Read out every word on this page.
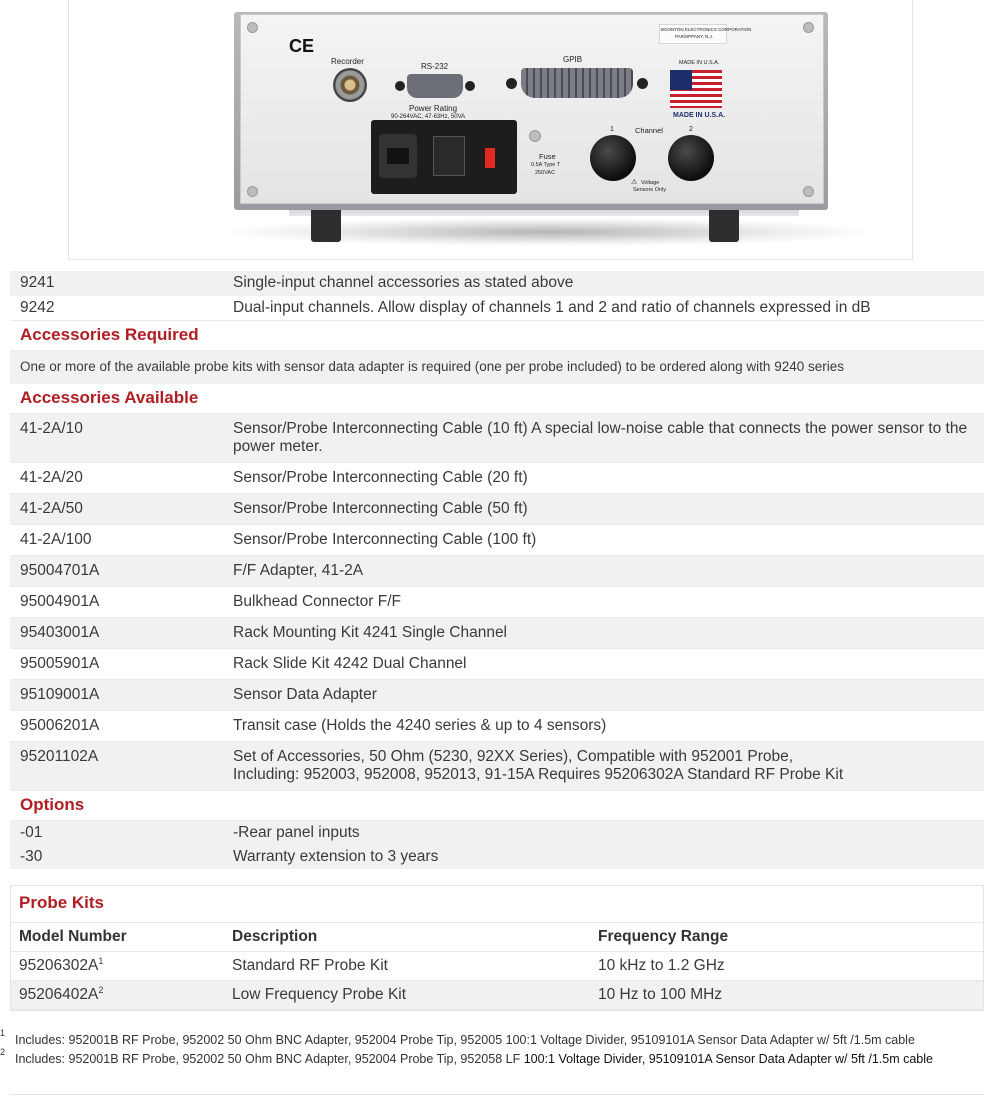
CE
Recorder
RS-232
Power Rating
90-264VAC, 47-63Hz, 50VA
GPIB
BOONTON ELECTRONICS CORPORATION
PARSIPPANY, N.J.
MADE IN U.S.A.
MADE IN U.S.A.
Fuse
0.5A Type T
250VAC
1	Channel	2
⚠ Voltage
Sensors Only
9241	Single-input channel accessories as stated above
9242	Dual-input channels. Allow display of channels 1 and 2 and ratio of channels expressed in dB
Accessories Required	
One or more of the available probe kits with sensor data adapter is required (one per probe included) to be ordered along with 9240 series	
Accessories Available	
41-2A/10	Sensor/Probe Interconnecting Cable (10 ft) A special low-noise cable that connects the power sensor to the power meter.
41-2A/20	Sensor/Probe Interconnecting Cable (20 ft)
41-2A/50	Sensor/Probe Interconnecting Cable (50 ft)
41-2A/100	Sensor/Probe Interconnecting Cable (100 ft)
95004701A	F/F Adapter, 41-2A
95004901A	Bulkhead Connector F/F
95403001A	Rack Mounting Kit 4241 Single Channel
95005901A	Rack Slide Kit 4242 Dual Channel
95109001A	Sensor Data Adapter
95006201A	Transit case (Holds the 4240 series & up to 4 sensors)
95201102A	Set of Accessories, 50 Ohm (5230, 92XX Series), Compatible with 952001 Probe,
Including: 952003, 952008, 952013, 91-15A Requires 95206302A Standard RF Probe Kit

Options	
-01	-Rear panel inputs
-30	Warranty extension to 3 years
Probe Kits
Model Number	Description	Frequency Range
$95206302A^1$	Standard RF Probe Kit	10 kHz to 1.2 GHz
$95206402A^2$	Low Frequency Probe Kit	10 Hz to 100 MHz
1 Includes: 952001B RF Probe, 952002 50 Ohm BNC Adapter, 952004 Probe Tip, 952005 100:1 Voltage Divider, 95109101A Sensor Data Adapter w/ 5ft /1.5m cable
2 Includes: 952001B RF Probe, 952002 50 Ohm BNC Adapter, 952004 Probe Tip, 952058 LF 100:1 Voltage Divider, 95109101A Sensor Data Adapter w/ 5ft /1.5m cable
